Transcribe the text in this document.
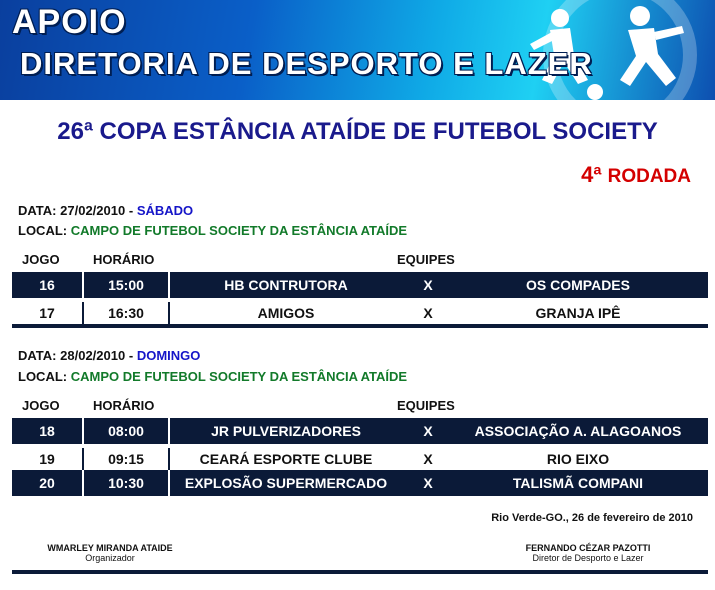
APOIO
DIRETORIA DE DESPORTO E LAZER
26ª COPA ESTÂNCIA ATAÍDE DE FUTEBOL SOCIETY
4ª RODADA
DATA: 27/02/2010 - SÁBADO
LOCAL: CAMPO DE FUTEBOL SOCIETY DA ESTÂNCIA ATAÍDE
JOGO	HORÁRIO	EQUIPES
16	15:00	HB CONTRUTORA	X	OS COMPADES
17	16:30	AMIGOS	X	GRANJA IPÊ
DATA: 28/02/2010 - DOMINGO
LOCAL: CAMPO DE FUTEBOL SOCIETY DA ESTÂNCIA ATAÍDE
JOGO	HORÁRIO	EQUIPES
18	08:00	JR PULVERIZADORES	X	ASSOCIAÇÃO A. ALAGOANOS
19	09:15	CEARÁ ESPORTE CLUBE	X	RIO EIXO
20	10:30	EXPLOSÃO SUPERMERCADO	X	TALISMÃ COMPANI
Rio Verde-GO., 26 de fevereiro de 2010
WMARLEY MIRANDA ATAIDE
Organizador
FERNANDO CÉZAR PAZOTTI
Diretor de Desporto e Lazer
